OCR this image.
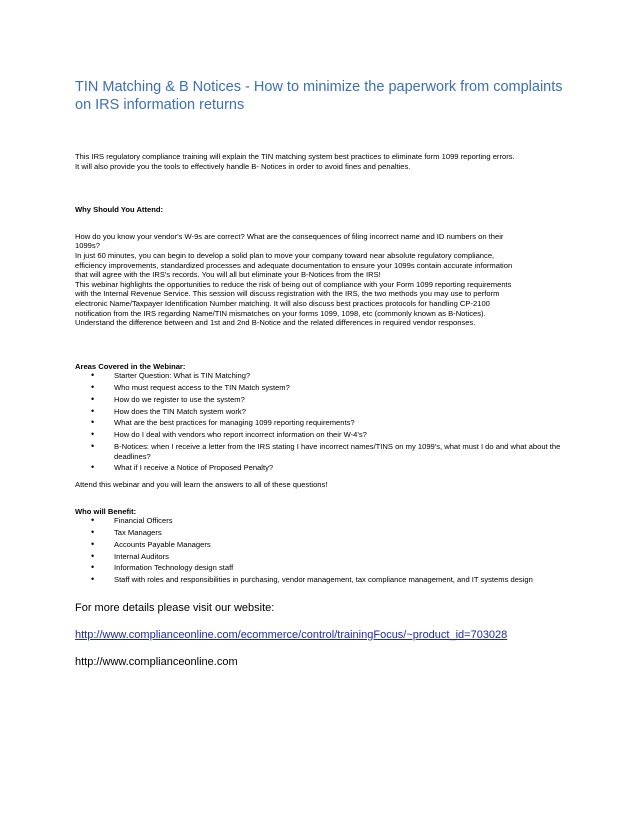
TIN Matching & B Notices - How to minimize the paperwork from complaints on IRS information returns

This IRS regulatory compliance training will explain the TIN matching system best practices to eliminate form 1099 reporting errors.

It will also provide you the tools to effectively handle B- Notices in order to avoid fines and penalties.

Why Should You Attend:

How do you know your vendor's W-9s are correct? What are the consequences of filing incorrect name and ID numbers on their

1099s?

In just 60 minutes, you can begin to develop a solid plan to move your company toward near absolute regulatory compliance,

efficiency improvements, standardized processes and adequate documentation to ensure your 1099s contain accurate information

that will agree with the IRS's records. You will all but eliminate your B-Notices from the IRS!

This webinar highlights the opportunities to reduce the risk of being out of compliance with your Form 1099 reporting requirements

with the Internal Revenue Service. This session will discuss registration with the IRS, the two methods you may use to perform

electronic Name/Taxpayer Identification Number matching. It will also discuss best practices protocols for handling CP-2100

notification from the IRS regarding Name/TIN mismatches on your forms 1099, 1098, etc (commonly known as B-Notices).

Understand the difference between and 1st and 2nd B-Notice and the related differences in required vendor responses.

Areas Covered in the Webinar:

•	Starter Question: What is TIN Matching?
•	Who must request access to the TIN Match system?
•	How do we register to use the system?
•	How does the TIN Match system work?
•	What are the best practices for managing 1099 reporting requirements?
•	How do I deal with vendors who report incorrect information on their W-4's?
•	B-Notices: when I receive a letter from the IRS stating I have incorrect names/TINS on my 1099's, what must I do and what about the deadlines?
•	What if I receive a Notice of Proposed Penalty?

Attend this webinar and you will learn the answers to all of these questions!

Who will Benefit:

•	Financial Officers
•	Tax Managers
•	Accounts Payable Managers
•	Internal Auditors
•	Information Technology design staff
•	Staff with roles and responsibilities in purchasing, vendor management, tax compliance management, and IT systems design

For more details please visit our website:

http://www.complianceonline.com/ecommerce/control/trainingFocus/~product_id=703028

http://www.complianceonline.com
